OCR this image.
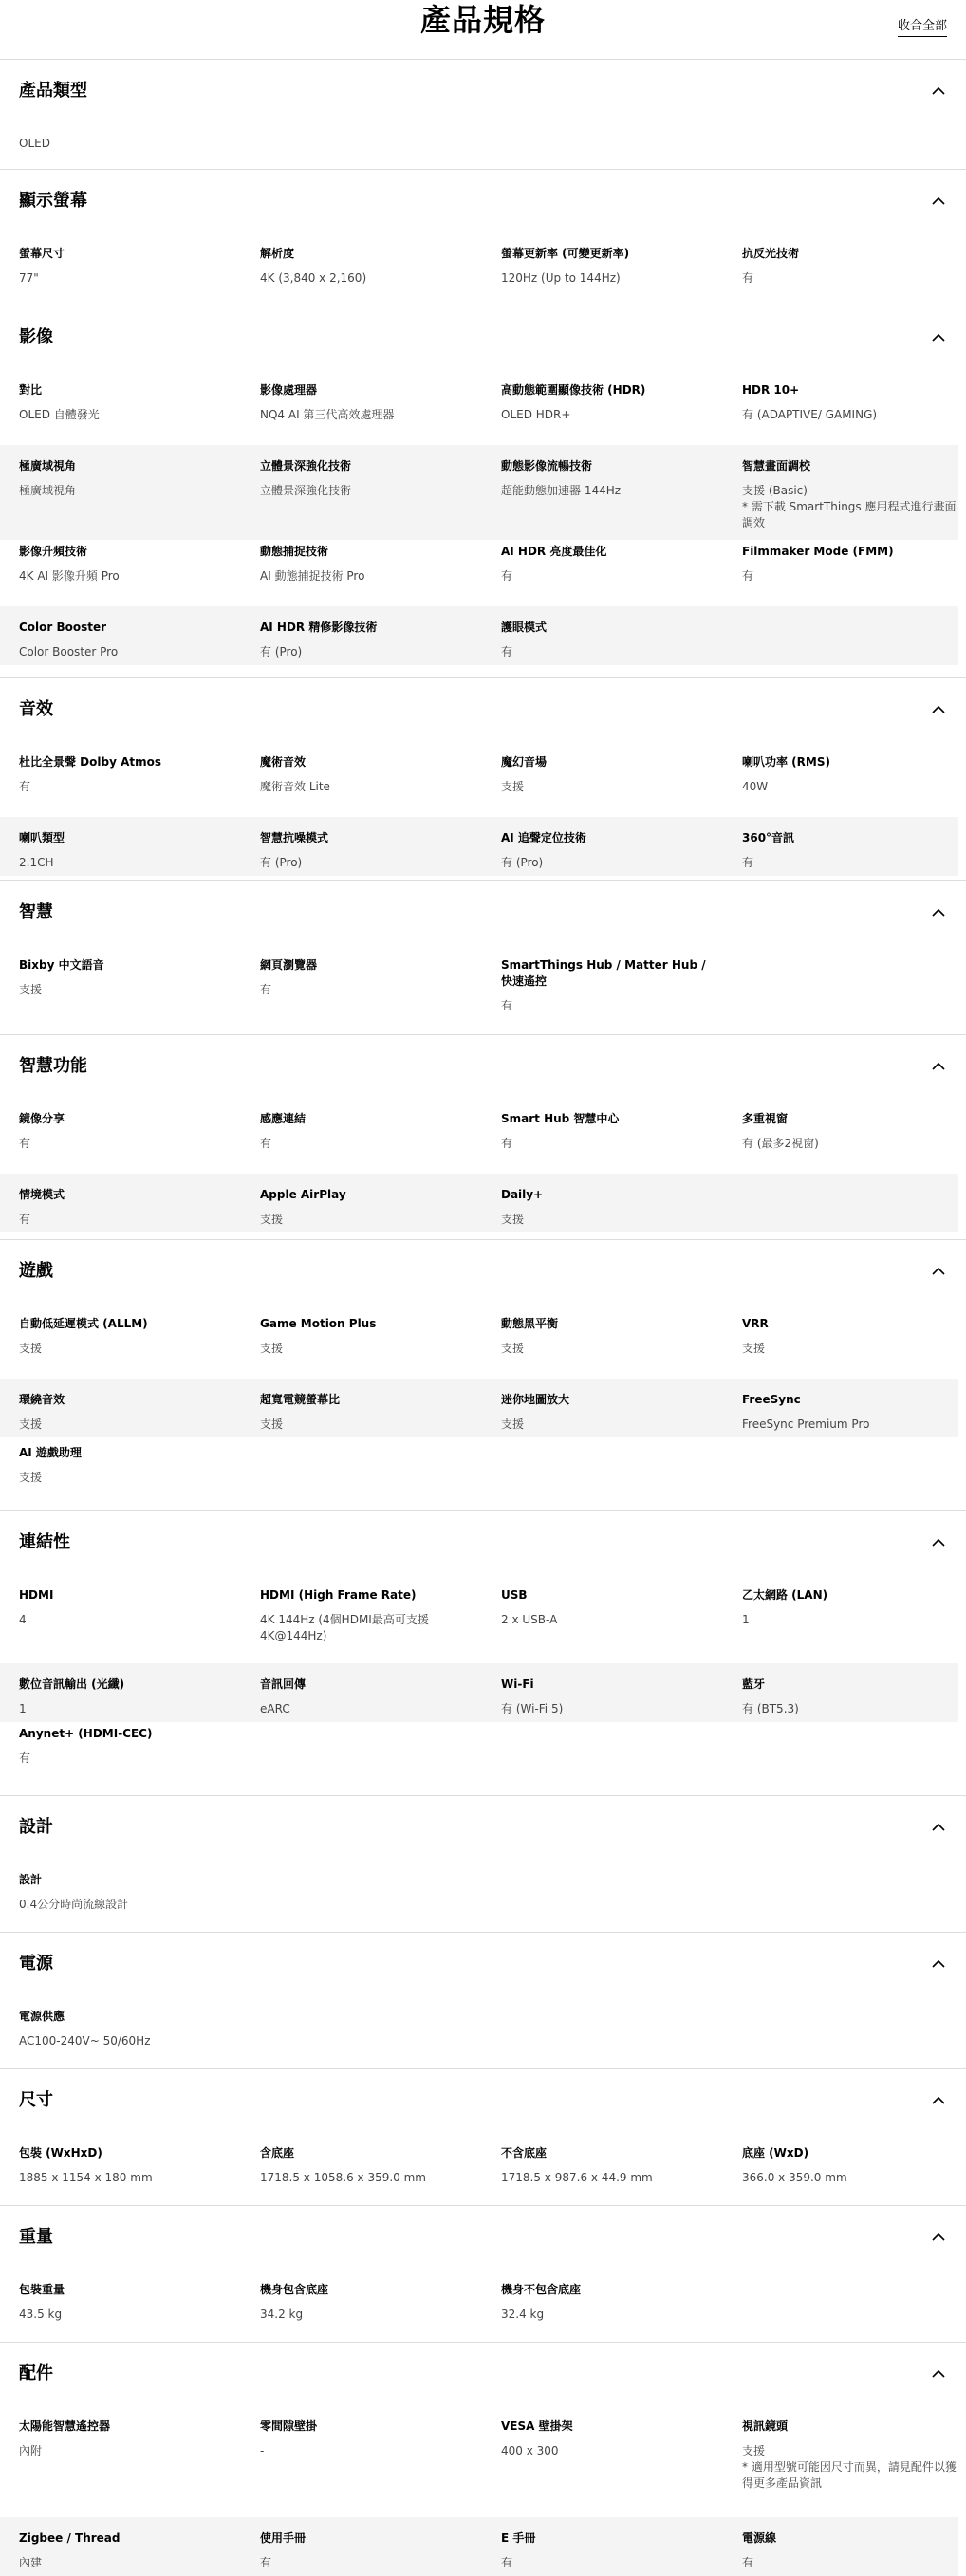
產品規格	收合全部
產品類型
OLED
顯示螢幕
螢幕尺寸
77"
解析度
4K (3,840 x 2,160)
螢幕更新率 (可變更新率)
120Hz (Up to 144Hz)
抗反光技術
有
影像
對比
OLED 自體發光
影像處理器
NQ4 AI 第三代高效處理器
高動態範圍顯像技術 (HDR)
OLED HDR+
HDR 10+
有 (ADAPTIVE/ GAMING)
極廣域視角
極廣域視角
立體景深強化技術
立體景深強化技術
動態影像流暢技術
超能動態加速器 144Hz
智慧畫面調校
支援 (Basic)
* 需下載 SmartThings 應用程式進行畫面調效
影像升頻技術
4K AI 影像升頻 Pro
動態捕捉技術
AI 動態捕捉技術 Pro
AI HDR 亮度最佳化
有
Filmmaker Mode (FMM)
有
Color Booster
Color Booster Pro
AI HDR 精修影像技術
有 (Pro)
護眼模式
有
音效
杜比全景聲 Dolby Atmos
有
魔術音效
魔術音效 Lite
魔幻音場
支援
喇叭功率 (RMS)
40W
喇叭類型
2.1CH
智慧抗噪模式
有 (Pro)
AI 追聲定位技術
有 (Pro)
360°音訊
有
智慧
Bixby 中文語音
支援
網頁瀏覽器
有
SmartThings Hub / Matter Hub / 快速遙控
有
智慧功能
鏡像分享
有
感應連結
有
Smart Hub 智慧中心
有
多重視窗
有 (最多2視窗)
情境模式
有
Apple AirPlay
支援
Daily+
支援
遊戲
自動低延遲模式 (ALLM)
支援
Game Motion Plus
支援
動態黑平衡
支援
VRR
支援
環繞音效
支援
超寬電競螢幕比
支援
迷你地圖放大
支援
FreeSync
FreeSync Premium Pro
AI 遊戲助理
支援
連結性
HDMI
4
HDMI (High Frame Rate)
4K 144Hz (4個HDMI最高可支援4K@144Hz)
USB
2 x USB-A
乙太網路 (LAN)
1
數位音訊輸出 (光纖)
1
音訊回傳
eARC
Wi-Fi
有 (Wi-Fi 5)
藍牙
有 (BT5.3)
Anynet+ (HDMI-CEC)
有
設計
設計
0.4公分時尚流線設計
電源
電源供應
AC100-240V~ 50/60Hz
尺寸
包裝 (WxHxD)
1885 x 1154 x 180 mm
含底座
1718.5 x 1058.6 x 359.0 mm
不含底座
1718.5 x 987.6 x 44.9 mm
底座 (WxD)
366.0 x 359.0 mm
重量
包裝重量
43.5 kg
機身包含底座
34.2 kg
機身不包含底座
32.4 kg
配件
太陽能智慧遙控器
內附
零間隙壁掛
-
VESA 壁掛架
400 x 300
視訊鏡頭
支援
* 適用型號可能因尺寸而異，請見配件以獲得更多產品資訊
Zigbee / Thread
內建
使用手冊
有
E 手冊
有
電源線
有
